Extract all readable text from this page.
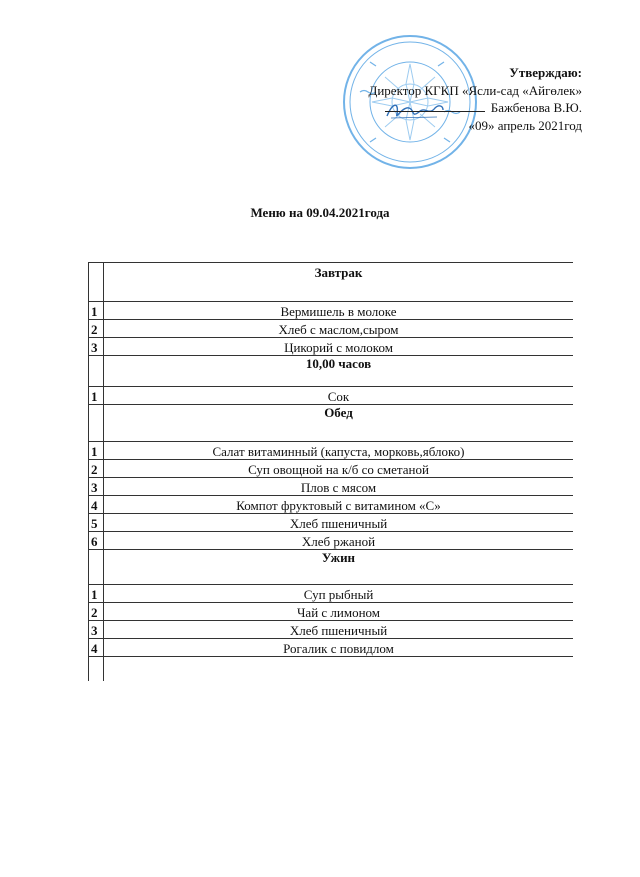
Утверждаю:
Директор КГКП «Ясли-сад «Айгөлек»
Бажбенова В.Ю.
«09» апрель 2021год
Меню на 09.04.2021года
Завтрак
1	Вермишель в молоке
2	Хлеб с маслом,сыром
3	Цикорий с молоком
10,00 часов
1	Сок
Обед
1	Салат витаминный (капуста, морковь,яблоко)
2	Суп овощной на к/б со сметаной
3	Плов с мясом
4	Компот фруктовый с витамином «С»
5	Хлеб пшеничный
6	Хлеб ржаной
Ужин
1	Суп рыбный
2	Чай с лимоном
3	Хлеб пшеничный
4	Рогалик с повидлом
